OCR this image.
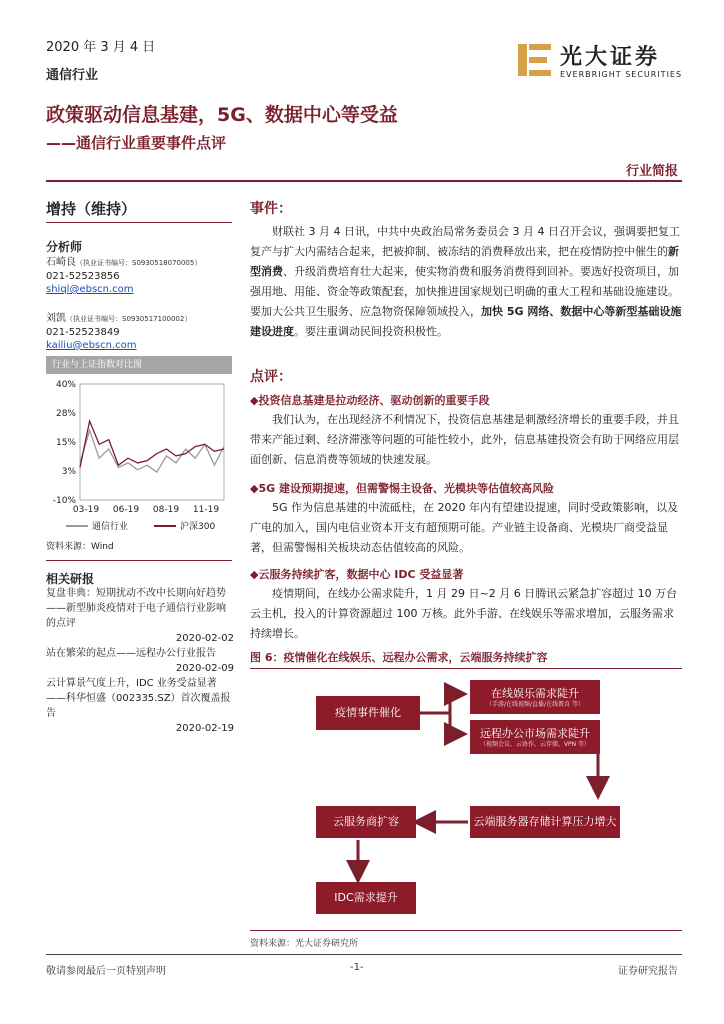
2020 年 3 月 4 日
通信行业
政策驱动信息基建，5G、数据中心等受益
——通信行业重要事件点评
光大证券
EVERBRIGHT SECURITIES
行业简报
增持（维持）
分析师
石崎良（执业证书编号：S0930518070005）
021-52523856
shiql@ebscn.com
刘凯（执业证书编号：S0930517100002）
021-52523849
kailiu@ebscn.com
行业与上证指数对比图
40%
28%
15%
3%
-10%
03-19 06-19 08-19 11-19
通信行业	沪深300
资料来源：Wind
相关研报
复盘非典：短期扰动不改中长期向好趋势——新型肺炎疫情对于电子通信行业影响的点评
2020-02-02
站在繁荣的起点——远程办公行业报告
2020-02-09
云计算景气度上升，IDC 业务受益显著——科华恒盛（002335.SZ）首次覆盖报告
2020-02-19
事件：
财联社 3 月 4 日讯，中共中央政治局常务委员会 3 月 4 日召开会议，强调要把复工复产与扩大内需结合起来，把被抑制、被冻结的消费释放出来，把在疫情防控中催生的新型消费、升级消费培育壮大起来，使实物消费和服务消费得到回补。要选好投资项目，加强用地、用能、资金等政策配套，加快推进国家规划已明确的重大工程和基础设施建设。要加大公共卫生服务、应急物资保障领域投入，加快 5G 网络、数据中心等新型基础设施建设进度。要注重调动民间投资积极性。
点评：
◆投资信息基建是拉动经济、驱动创新的重要手段
我们认为，在出现经济不利情况下，投资信息基建是刺激经济增长的重要手段，并且带来产能过剩、经济滞涨等问题的可能性较小，此外，信息基建投资会有助于网络应用层面创新、信息消费等领域的快速发展。
◆5G 建设预期提速，但需警惕主设备、光模块等估值较高风险
5G 作为信息基建的中流砥柱，在 2020 年内有望建设提速，同时受政策影响，以及广电的加入，国内电信业资本开支有超预期可能。产业链主设备商、光模块厂商受益显著，但需警惕相关板块动态估值较高的风险。
◆云服务持续扩客，数据中心 IDC 受益显著
疫情期间，在线办公需求陡升，1 月 29 日~2 月 6 日腾讯云紧急扩容超过 10 万台云主机，投入的计算资源超过 100 万核。此外手游、在线娱乐等需求增加，云服务需求持续增长。
图 6：疫情催化在线娱乐、远程办公需求，云端服务持续扩容
疫情事件催化
在线娱乐需求陡升
（手游/在线视频/直播/在线教育 等）
远程办公市场需求陡升
（视频会议、云协作、云存储、VPN 等）
云端服务器存储计算压力增大
云服务商扩容
IDC需求提升
资料来源：光大证券研究所
敬请参阅最后一页特别声明	-1-	证券研究报告
